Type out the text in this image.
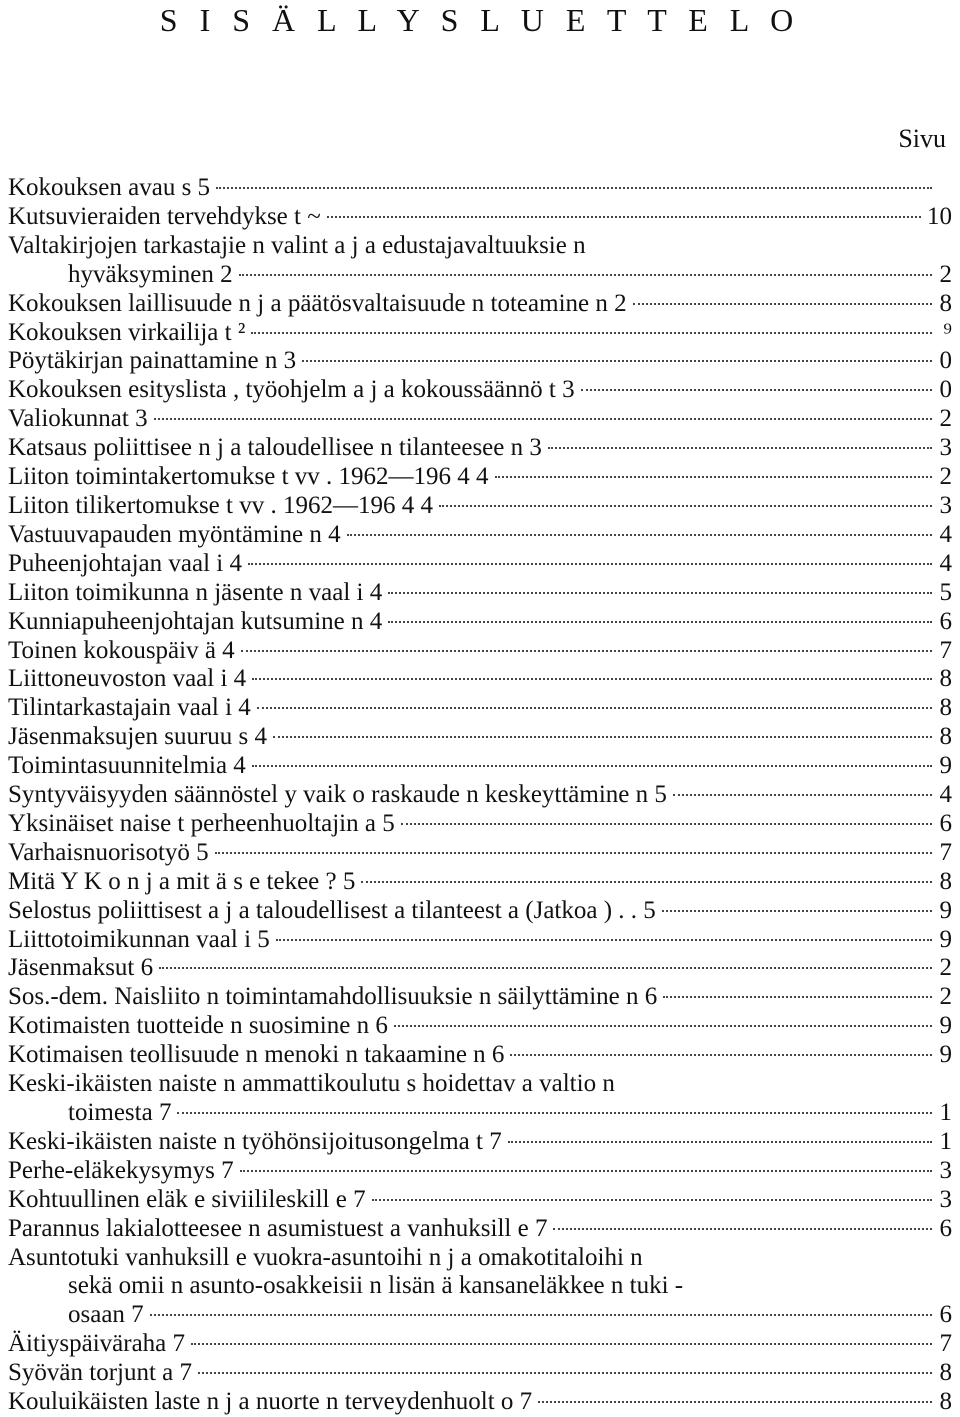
S I S Ä L L Y S L U E T T E L O
Sivu
Kokouksen avau s 5
Kutsuvieraiden tervehdykse t ~	10
Valtakirjojen tarkastajie n valint a j a edustajavaltuuksie n
hyväksyminen 2	2
Kokouksen laillisuude n j a päätösvaltaisuude n toteamine n 2	8
Kokouksen virkailija t ²	⁹
Pöytäkirjan painattamine n 3	0
Kokouksen esityslista , työohjelm a j a kokoussäännö t 3	0
Valiokunnat 3	2
Katsaus poliittisee n j a taloudellisee n tilanteesee n 3	3
Liiton toimintakertomukse t vv . 1962—196 4 4	2
Liiton tilikertomukse t vv . 1962—196 4 4	3
Vastuuvapauden myöntämine n 4	4
Puheenjohtajan vaal i 4	4
Liiton toimikunna n jäsente n vaal i 4	5
Kunniapuheenjohtajan kutsumine n 4	6
Toinen kokouspäiv ä 4	7
Liittoneuvoston vaal i 4	8
Tilintarkastajain vaal i 4	8
Jäsenmaksujen suuruu s 4	8
Toimintasuunnitelmia 4	9
Syntyväisyyden säännöstel y vaik o raskaude n keskeyttämine n 5	4
Yksinäiset naise t perheenhuoltajin a 5	6
Varhaisnuorisotyö 5	7
Mitä Y K o n j a mit ä s e tekee ? 5	8
Selostus poliittisest a j a taloudellisest a tilanteest a (Jatkoa ) . . 5	9
Liittotoimikunnan vaal i 5	9
Jäsenmaksut 6	2
Sos.-dem. Naisliito n toimintamahdollisuuksie n säilyttämine n 6	2
Kotimaisten tuotteide n suosimine n 6	9
Kotimaisen teollisuude n menoki n takaamine n 6	9
Keski-ikäisten naiste n ammattikoulutu s hoidettav a valtio n
toimesta 7	1
Keski-ikäisten naiste n työhönsijoitusongelma t 7	1
Perhe-eläkekysymys 7	3
Kohtuullinen eläk e siviilileskill e 7	3
Parannus lakialotteesee n asumistuest a vanhuksill e 7	6
Asuntotuki vanhuksill e vuokra-asuntoihi n j a omakotitaloihi n
sekä omii n asunto-osakkeisii n lisän ä kansaneläkkee n tuki -
osaan 7	6
Äitiyspäiväraha 7	7
Syövän torjunt a 7	8
Kouluikäisten laste n j a nuorte n terveydenhuolt o 7	8
